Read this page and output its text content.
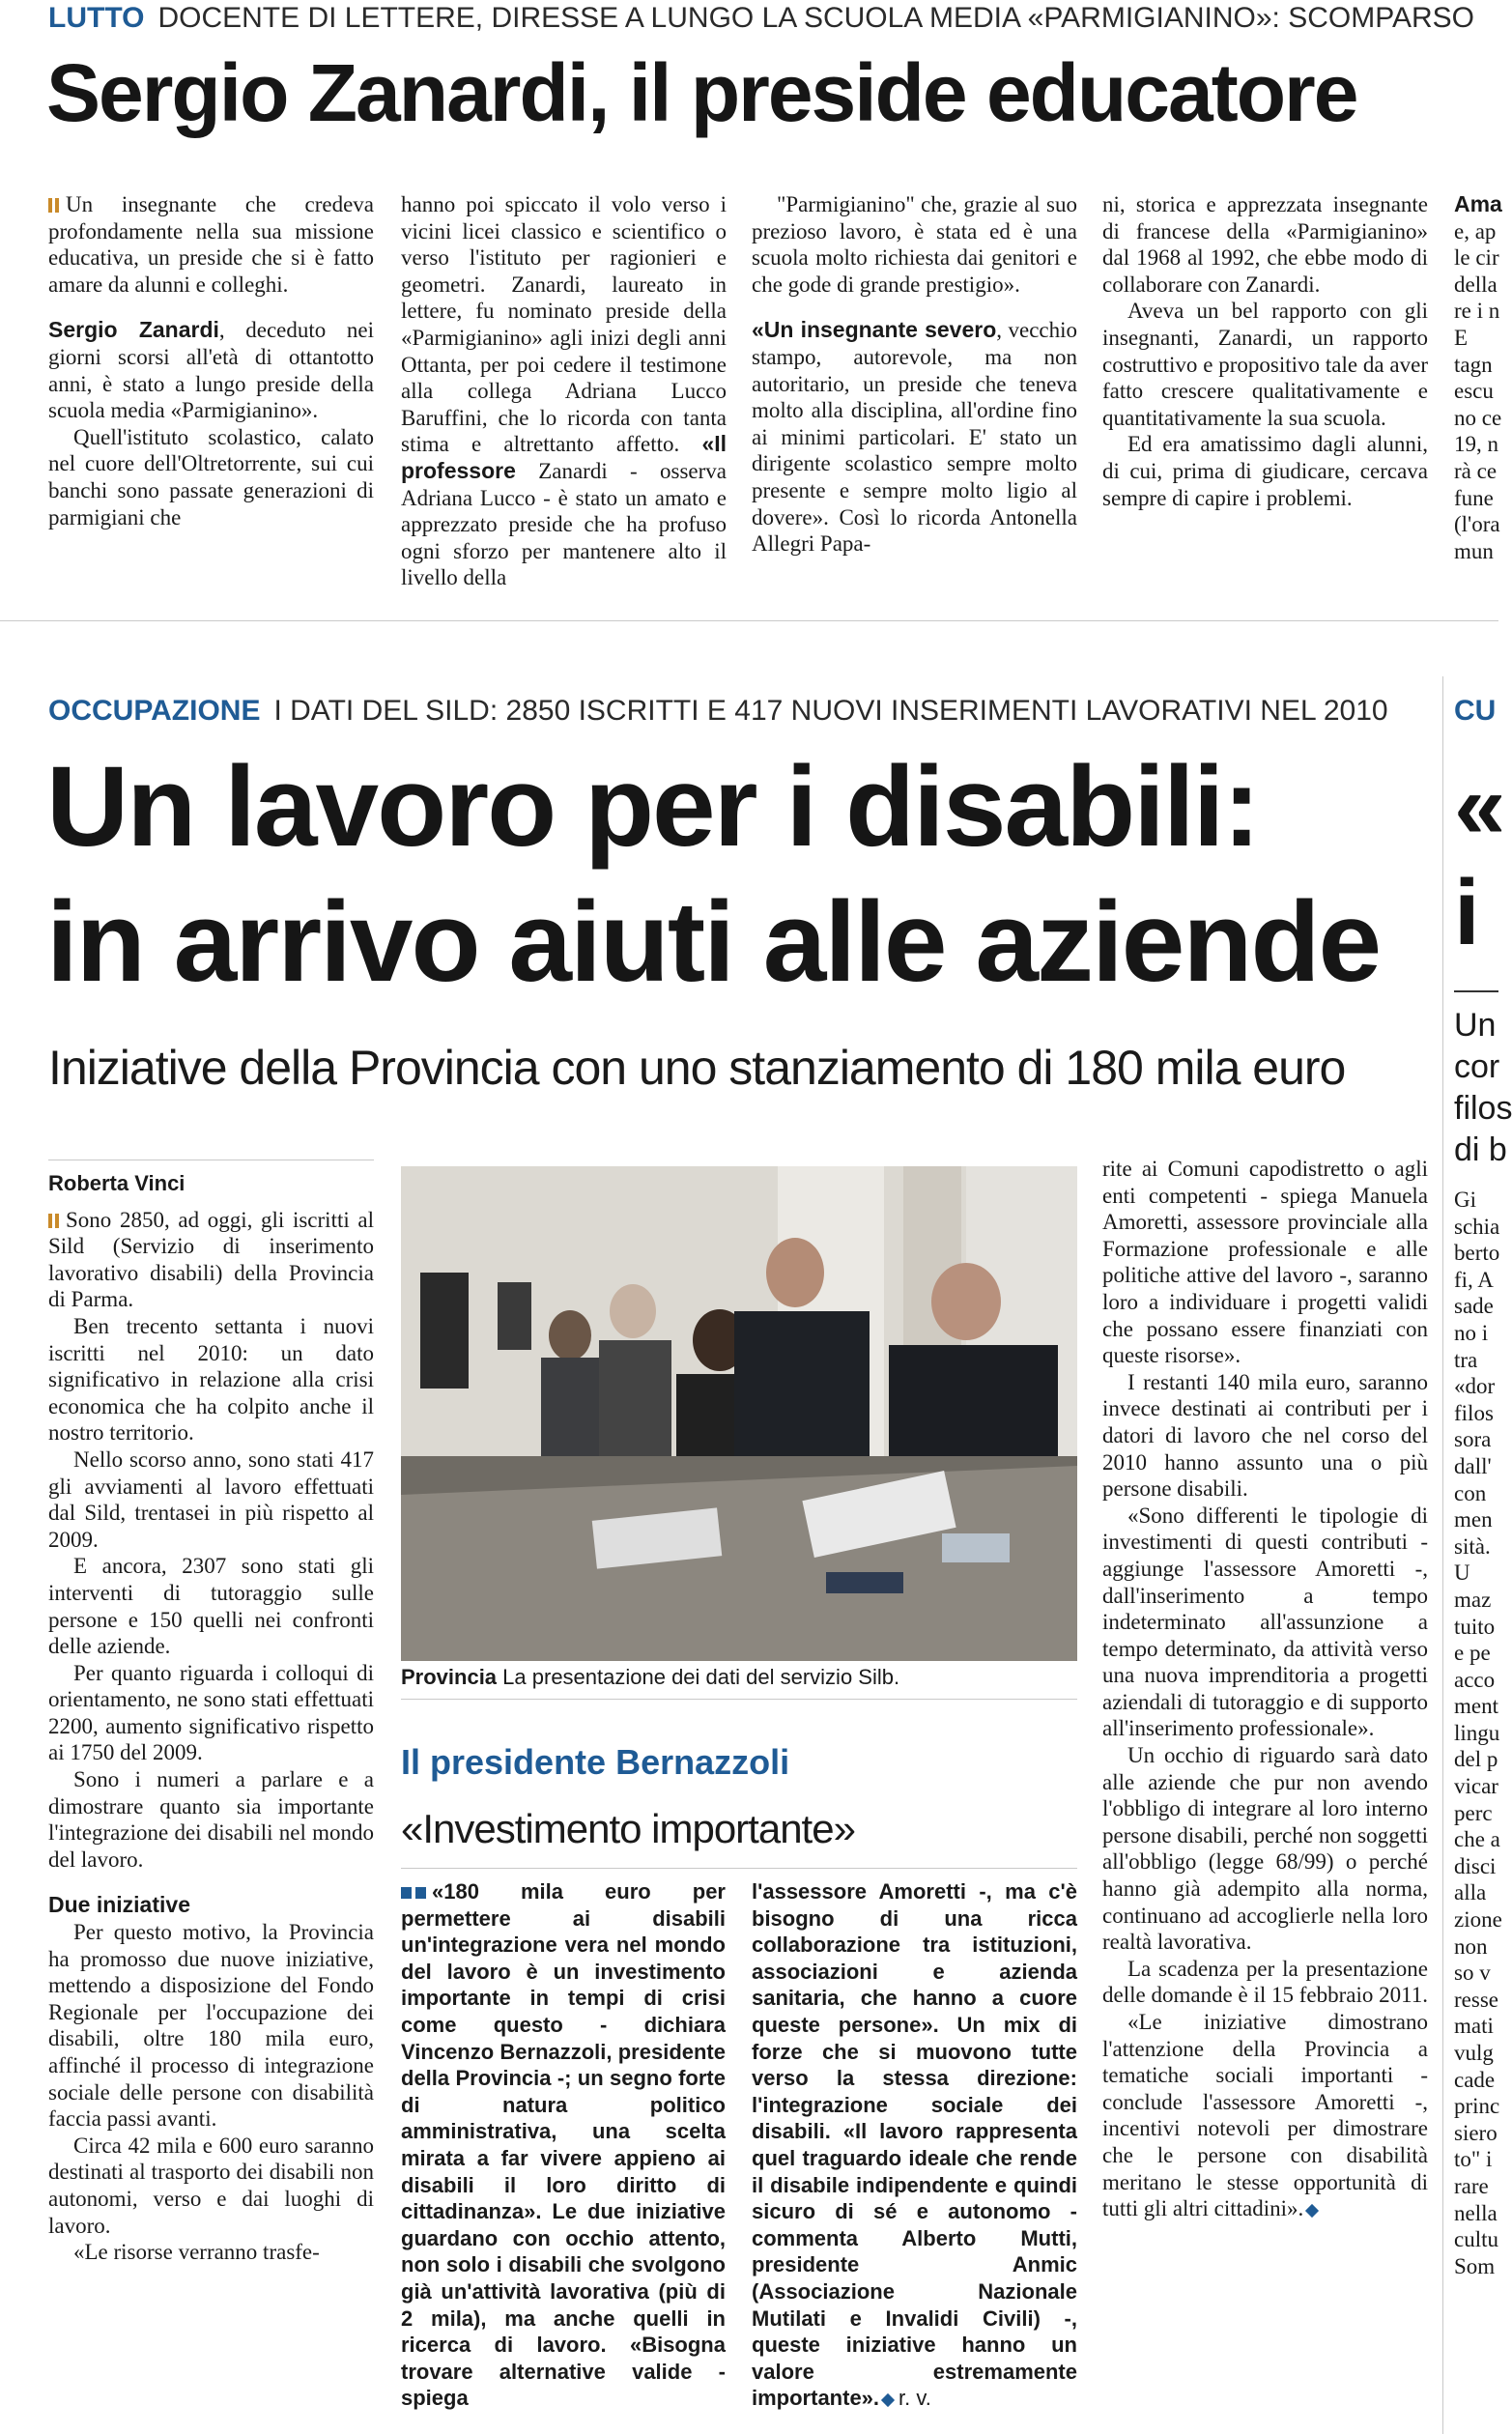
LUTTO DOCENTE DI LETTERE, DIRESSE A LUNGO LA SCUOLA MEDIA «PARMIGIANINO»: SCOMPARSO
Sergio Zanardi, il preside educatore

Un insegnante che credeva profondamente nella sua missione educativa, un preside che si è fatto amare da alunni e colleghi.

Sergio Zanardi, deceduto nei giorni scorsi all'età di ottantotto anni, è stato a lungo preside della scuola media «Parmigianino».

Quell'istituto scolastico, calato nel cuore dell'Oltretorrente, sui cui banchi sono passate generazioni di parmigiani che

hanno poi spiccato il volo verso i vicini licei classico e scientifico o verso l'istituto per ragionieri e geometri. Zanardi, laureato in lettere, fu nominato preside della «Parmigianino» agli inizi degli anni Ottanta, per poi cedere il testimone alla collega Adriana Lucco Baruffini, che lo ricorda con tanta stima e altrettanto affetto. «Il professore Zanardi - osserva Adriana Lucco - è stato un amato e apprezzato preside che ha profuso ogni sforzo per mantenere alto il livello della

"Parmigianino" che, grazie al suo prezioso lavoro, è stata ed è una scuola molto richiesta dai genitori e che gode di grande prestigio».

«Un insegnante severo, vecchio stampo, autorevole, ma non autoritario, un preside che teneva molto alla disciplina, all'ordine fino ai minimi particolari. E' stato un dirigente scolastico sempre molto presente e sempre molto ligio al dovere». Così lo ricorda Antonella Allegri Papa-

ni, storica e apprezzata insegnante di francese della «Parmigianino» dal 1968 al 1992, che ebbe modo di collaborare con Zanardi.

Aveva un bel rapporto con gli insegnanti, Zanardi, un rapporto costruttivo e propositivo tale da aver fatto crescere qualitativamente e quantitativamente la sua scuola.

Ed era amatissimo dagli alunni, di cui, prima di giudicare, cercava sempre di capire i problemi.

Ama
e, ap
le cir
della
re i n
E
tagn
escu
no ce
19, n
rà ce
fune
(l'ora
mun
OCCUPAZIONE I DATI DEL SILD: 2850 ISCRITTI E 417 NUOVI INSERIMENTI LAVORATIVI NEL 2010
Un lavoro per i disabili:
in arrivo aiuti alle aziende
Iniziative della Provincia con uno stanziamento di 180 mila euro
Roberta Vinci

Sono 2850, ad oggi, gli iscritti al Sild (Servizio di inserimento lavorativo disabili) della Provincia di Parma.

Ben trecento settanta i nuovi iscritti nel 2010: un dato significativo in relazione alla crisi economica che ha colpito anche il nostro territorio.

Nello scorso anno, sono stati 417 gli avviamenti al lavoro effettuati dal Sild, trentasei in più rispetto al 2009.

E ancora, 2307 sono stati gli interventi di tutoraggio sulle persone e 150 quelli nei confronti delle aziende.

Per quanto riguarda i colloqui di orientamento, ne sono stati effettuati 2200, aumento significativo rispetto ai 1750 del 2009.

Sono i numeri a parlare e a dimostrare quanto sia importante l'integrazione dei disabili nel mondo del lavoro.

Due iniziative

Per questo motivo, la Provincia ha promosso due nuove iniziative, mettendo a disposizione del Fondo Regionale per l'occupazione dei disabili, oltre 180 mila euro, affinché il processo di integrazione sociale delle persone con disabilità faccia passi avanti.

Circa 42 mila e 600 euro saranno destinati al trasporto dei disabili non autonomi, verso e dai luoghi di lavoro.

«Le risorse verranno trasfe-

Provincia La presentazione dei dati del servizio Silb.
Il presidente Bernazzoli
«Investimento importante»
«180 mila euro per permettere ai disabili un'integrazione vera nel mondo del lavoro è un investimento importante in tempi di crisi come questo - dichiara Vincenzo Bernazzoli, presidente della Provincia -; un segno forte di natura politico amministrativa, una scelta mirata a far vivere appieno ai disabili il loro diritto di cittadinanza». Le due iniziative guardano con occhio attento, non solo i disabili che svolgono già un'attività lavorativa (più di 2 mila), ma anche quelli in ricerca di lavoro. «Bisogna trovare alternative valide - spiega
l'assessore Amoretti -, ma c'è bisogno di una ricca collaborazione tra istituzioni, associazioni e azienda sanitaria, che hanno a cuore queste persone». Un mix di forze che si muovono tutte verso la stessa direzione: l'integrazione sociale dei disabili. «Il lavoro rappresenta quel traguardo ideale che rende il disabile indipendente e quindi sicuro di sé e autonomo - commenta Alberto Mutti, presidente Anmic (Associazione Nazionale Mutilati e Invalidi Civili) -, queste iniziative hanno un valore estremamente importante». r. v.

rite ai Comuni capodistretto o agli enti competenti - spiega Manuela Amoretti, assessore provinciale alla Formazione professionale e alle politiche attive del lavoro -, saranno loro a individuare i progetti validi che possano essere finanziati con queste risorse».

I restanti 140 mila euro, saranno invece destinati ai contributi per i datori di lavoro che nel corso del 2010 hanno assunto una o più persone disabili.

«Sono differenti le tipologie di investimenti di questi contributi - aggiunge l'assessore Amoretti -, dall'inserimento a tempo indeterminato all'assunzione a tempo determinato, da attività verso una nuova imprenditoria a progetti aziendali di tutoraggio e di supporto all'inserimento professionale».

Un occhio di riguardo sarà dato alle aziende che pur non avendo l'obbligo di integrare al loro interno persone disabili, perché non soggetti all'obbligo (legge 68/99) o perché hanno già adempito alla norma, continuano ad accoglierle nella loro realtà lavorativa.

La scadenza per la presentazione delle domande è il 15 febbraio 2011.

«Le iniziative dimostrano l'attenzione della Provincia a tematiche sociali importanti - conclude l'assessore Amoretti -, incentivi notevoli per dimostrare che le persone con disabilità meritano le stesse opportunità di tutti gli altri cittadini».

CU
«
i
Un
cor
filos
di b
Gi
schia
berto
fi, A
sade
no i
tra
«dor
filos
sora
dall'
con
men
sità.
U
maz
tuito
e pe
acco
ment
lingu
del p
vicar
perc
che a
disci
alla
zione
non
so v
resse
mati
vulg
cade
princ
siero
to" i
rare
nella
cultu
Som
